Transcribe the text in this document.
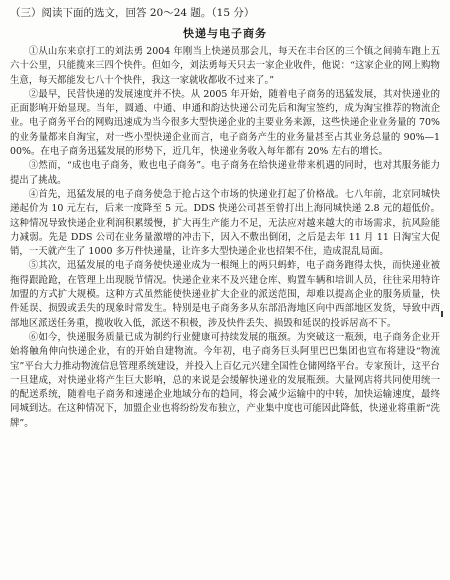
（三）阅读下面的选文，回答 20～24 题。（15 分）

快递与电子商务

①从山东来京打工的刘法勇 2004 年刚当上快递员那会儿，每天在丰台区的三个镇之间骑车跑上五六十公里，只能揽来三四个快件。但如今，刘法勇每天只去一家企业收件，他说：“这家企业的网上购物生意，每天都能发七八十个快件，我这一家就收都收不过来了。”

②最早，民营快递的发展速度并不快。从 2005 年开始，随着电子商务的迅猛发展，其对快递业的正面影响开始显现。当年，圆通、中通、申通和韵达快递公司先后和淘宝签约，成为淘宝推荐的物流企业。电子商务平台的网购迅速成为当今很多大型快递企业的主要业务来源，这些快递企业业务量的 70% 的业务量都来自淘宝，对一些小型快递企业而言，电子商务产生的业务量甚至占其业务总量的 90%—100%。在电子商务迅猛发展的形势下，近几年，快递业务收入每年都有 20% 左右的增长。

③然而，“成也电子商务，败也电子商务”。电子商务在给快递业带来机遇的同时，也对其服务能力提出了挑战。

④首先，迅猛发展的电子商务使急于抢占这个市场的快递业打起了价格战。七八年前，北京同城快递起价为 10 元左右，后来一度降至 5 元。DDS 快递公司甚至曾打出上海同城快递 2.8 元的超低价。这种情况导致快递企业利润积累缓慢，扩大再生产能力不足，无法应对越来越大的市场需求，抗风险能力减弱。先是 DDS 公司在业务量激增的冲击下，因入不敷出倒闭，之后是去年 11 月 11 日淘宝大促销，一天就产生了 1000 多万件快递量，让许多大型快递企业也招架不住，造成混乱局面。

⑤其次，迅猛发展的电子商务使快递业成为一根绳上的两只蚂蚱，电子商务跑得太快，而快递业被拖得跟跄跄，在管理上出现脱节情况。快递企业来不及兴建仓库、购置车辆和培训人员，往往采用特许加盟的方式扩大规模。这种方式虽然能使快递业扩大企业的派送范围，却难以提高企业的服务质量，快件延误、损毁或丢失的现象时常发生。特别是电子商务多从东部沿海地区向中西部地区发货，导致中西部地区派送任务重，揽收收入低，派送不积极，涉及快件丢失、损毁和延误的投诉居高不下。

⑥如今，快递服务质量已成为制约行业健康可持续发展的瓶颈。为突破这一瓶颈，电子商务企业开始将触角伸向快递企业，有的开始自建物流。今年初，电子商务巨头阿里巴巴集团也宣布将建设“物流宝”平台大力推动物流信息管理系统建设，并投入上百亿元兴建全国性仓储网络平台。专家预计，这平台一旦建成，对快递业将产生巨大影响，总的来说是会缓解快递业的发展瓶颈。大量网店将共同使用统一的配送系统，随着电子商务和速递企业地域分布的趋同，将会减少运输中的中转，加快运输速度，最终同城到达。在这种情况下，加盟企业也将纷纷发布独立，产业集中度也可能因此降低，快递业将重新“洗牌”。
